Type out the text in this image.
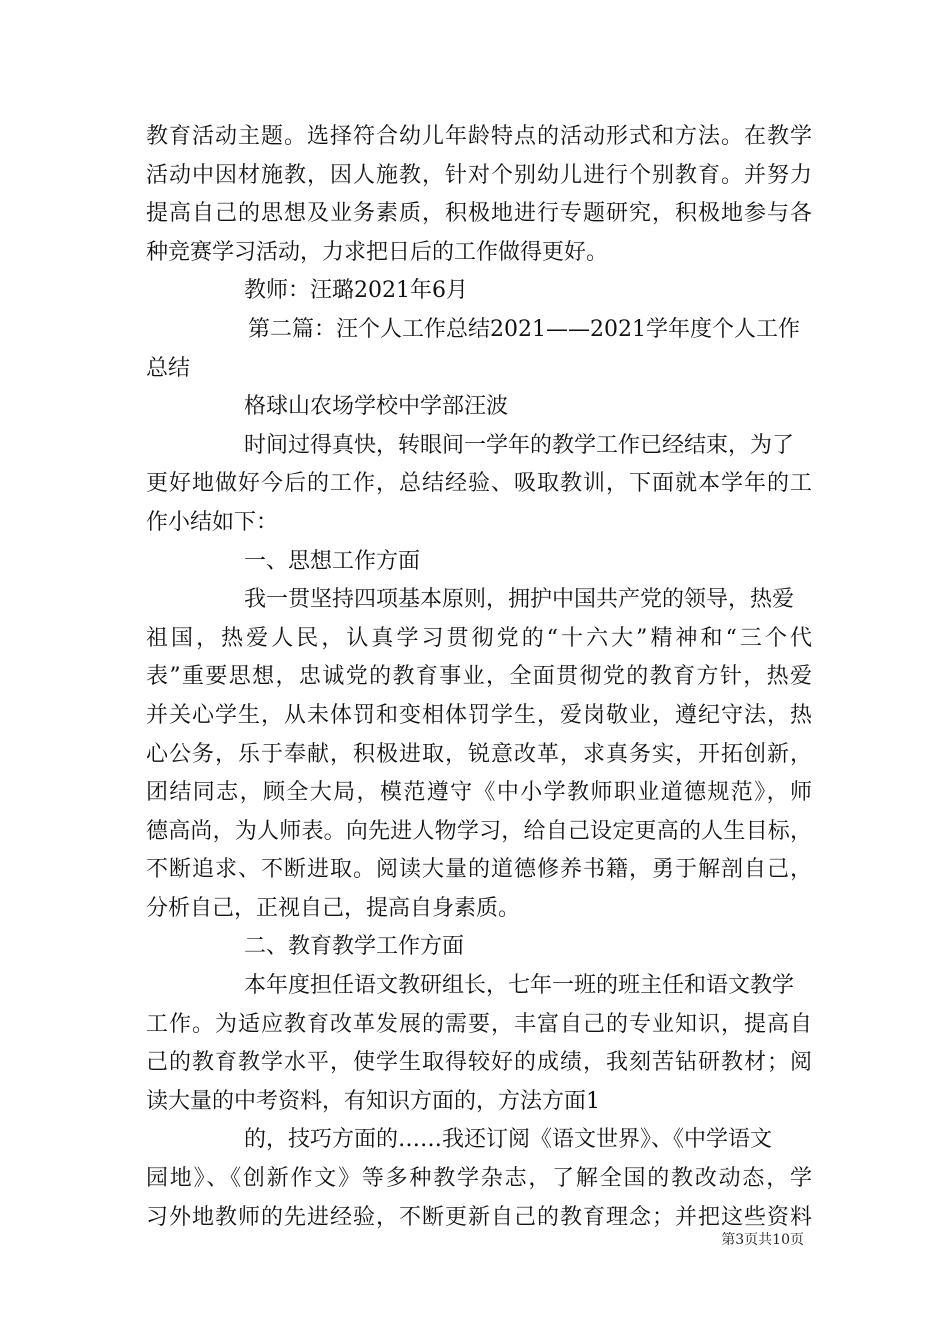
教育活动主题。选择符合幼儿年龄特点的活动形式和方法。在教学
活动中因材施教，因人施教，针对个别幼儿进行个别教育。并努力
提高自己的思想及业务素质，积极地进行专题研究，积极地参与各
种竞赛学习活动，力求把日后的工作做得更好。
教师：汪璐2021年6月
第二篇：汪个人工作总结2021——2021学年度个人工作
总结
格球山农场学校中学部汪波
时间过得真快，转眼间一学年的教学工作已经结束，为了
更好地做好今后的工作，总结经验、吸取教训，下面就本学年的工
作小结如下：
一、思想工作方面
我一贯坚持四项基本原则，拥护中国共产党的领导，热爱
祖国，热爱人民，认真学习贯彻党的“十六大”精神和“三个代
表”重要思想，忠诚党的教育事业，全面贯彻党的教育方针，热爱
并关心学生，从未体罚和变相体罚学生，爱岗敬业，遵纪守法，热
心公务，乐于奉献，积极进取，锐意改革，求真务实，开拓创新，
团结同志，顾全大局，模范遵守《中小学教师职业道德规范》，师
德高尚，为人师表。向先进人物学习，给自己设定更高的人生目标，
不断追求、不断进取。阅读大量的道德修养书籍，勇于解剖自己，
分析自己，正视自己，提高自身素质。
二、教育教学工作方面
本年度担任语文教研组长，七年一班的班主任和语文教学
工作。为适应教育改革发展的需要，丰富自己的专业知识，提高自
己的教育教学水平，使学生取得较好的成绩，我刻苦钻研教材；阅
读大量的中考资料，有知识方面的，方法方面1
的，技巧方面的……我还订阅《语文世界》、《中学语文
园地》、《创新作文》等多种教学杂志，了解全国的教改动态，学
习外地教师的先进经验，不断更新自己的教育理念；并把这些资料
第3页共10页
